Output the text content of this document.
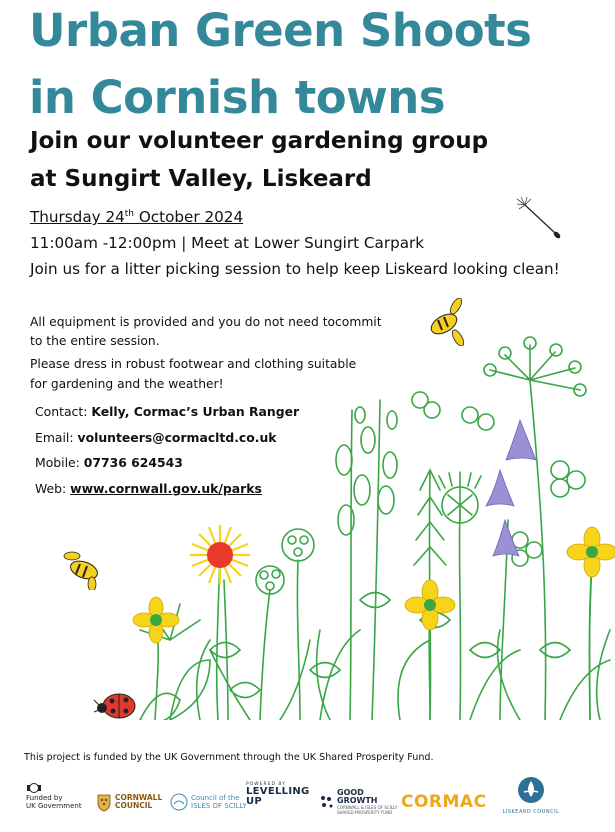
Urban Green Shoots
in Cornish towns
Join our volunteer gardening group
at Sungirt Valley, Liskeard
Thursday 24th October 2024
11:00am -12:00pm | Meet at Lower Sungirt Carpark
Join us for a litter picking session to help keep Liskeard looking clean!
All equipment is provided and you do not need tocommit
to the entire session.
Please dress in robust footwear and clothing suitable
for gardening and the weather!
Contact: Kelly, Cormac’s Urban Ranger
Email: volunteers@cormacltd.co.uk
Mobile: 07736 624543
Web: www.cornwall.gov.uk/parks
This project is funded by the UK Government through the UK Shared Prosperity Fund.
Funded by
UK Government
CORNWALL
COUNCIL
Council of the
ISLES OF SCILLY
POWERED BY
LEVELLING
UP
GOOD
GROWTH
CORNWALL & ISLES OF SCILLY SHARED PROSPERITY FUND
CORMAC	LISKEARD COUNCIL
